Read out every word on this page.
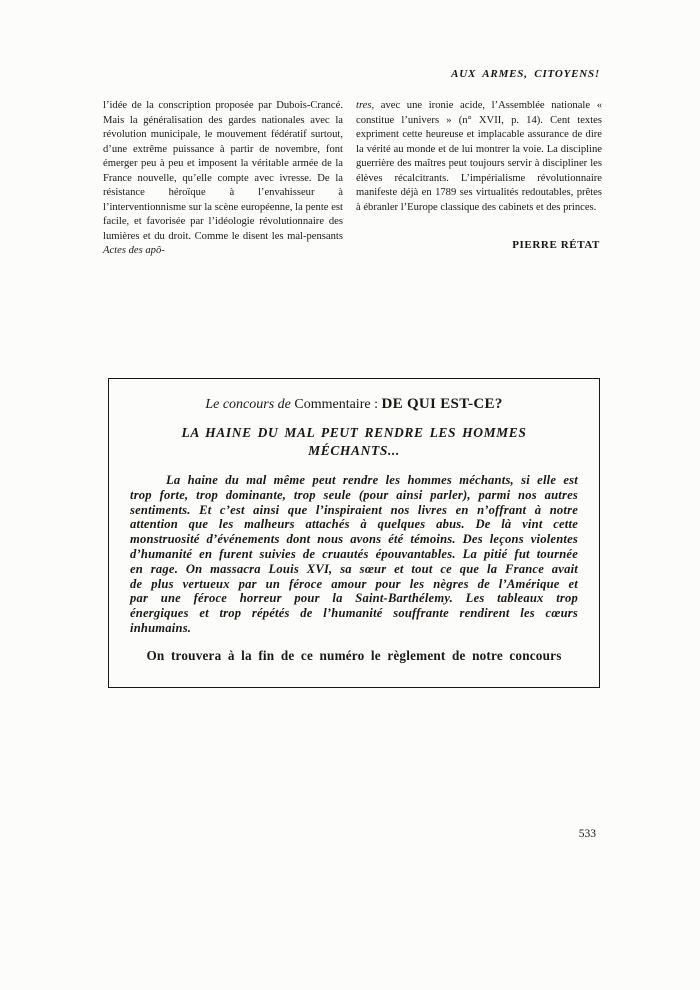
AUX ARMES, CITOYENS!
l’idée de la conscription proposée par Dubois-Crancé. Mais la généralisation des gardes nationales avec la révolution municipale, le mouvement fédératif surtout, d’une extrême puissance à partir de novembre, font émerger peu à peu et imposent la véritable armée de la France nouvelle, qu’elle compte avec ivresse. De la résistance héroïque à l’envahisseur à l’interventionnisme sur la scène européenne, la pente est facile, et favorisée par l’idéologie révolutionnaire des lumières et du droit. Comme le disent les mal-pensants Actes des apô-
tres, avec une ironie acide, l’Assemblée nationale « constitue l’univers » (n° XVII, p. 14). Cent textes expriment cette heureuse et implacable assurance de dire la vérité au monde et de lui montrer la voie. La discipline guerrière des maîtres peut toujours servir à discipliner les élèves récalcitrants. L’impérialisme révolutionnaire manifeste déjà en 1789 ses virtualités redoutables, prêtes à ébranler l’Europe classique des cabinets et des princes.
PIERRE RÉTAT
Le concours de Commentaire : DE QUI EST-CE?
LA HAINE DU MAL PEUT RENDRE LES HOMMES MÉCHANTS...
La haine du mal même peut rendre les hommes méchants, si elle est trop forte, trop dominante, trop seule (pour ainsi parler), parmi nos autres sentiments. Et c’est ainsi que l’inspiraient nos livres en n’offrant à notre attention que les malheurs attachés à quelques abus. De là vint cette monstruosité d’événements dont nous avons été témoins. Des leçons violentes d’humanité en furent suivies de cruautés épouvantables. La pitié fut tournée en rage. On massacra Louis XVI, sa sœur et tout ce que la France avait de plus vertueux par un féroce amour pour les nègres de l’Amérique et par une féroce horreur pour la Saint-Barthélemy. Les tableaux trop énergiques et trop répétés de l’humanité souffrante rendirent les cœurs inhumains.
On trouvera à la fin de ce numéro le règlement de notre concours
533
